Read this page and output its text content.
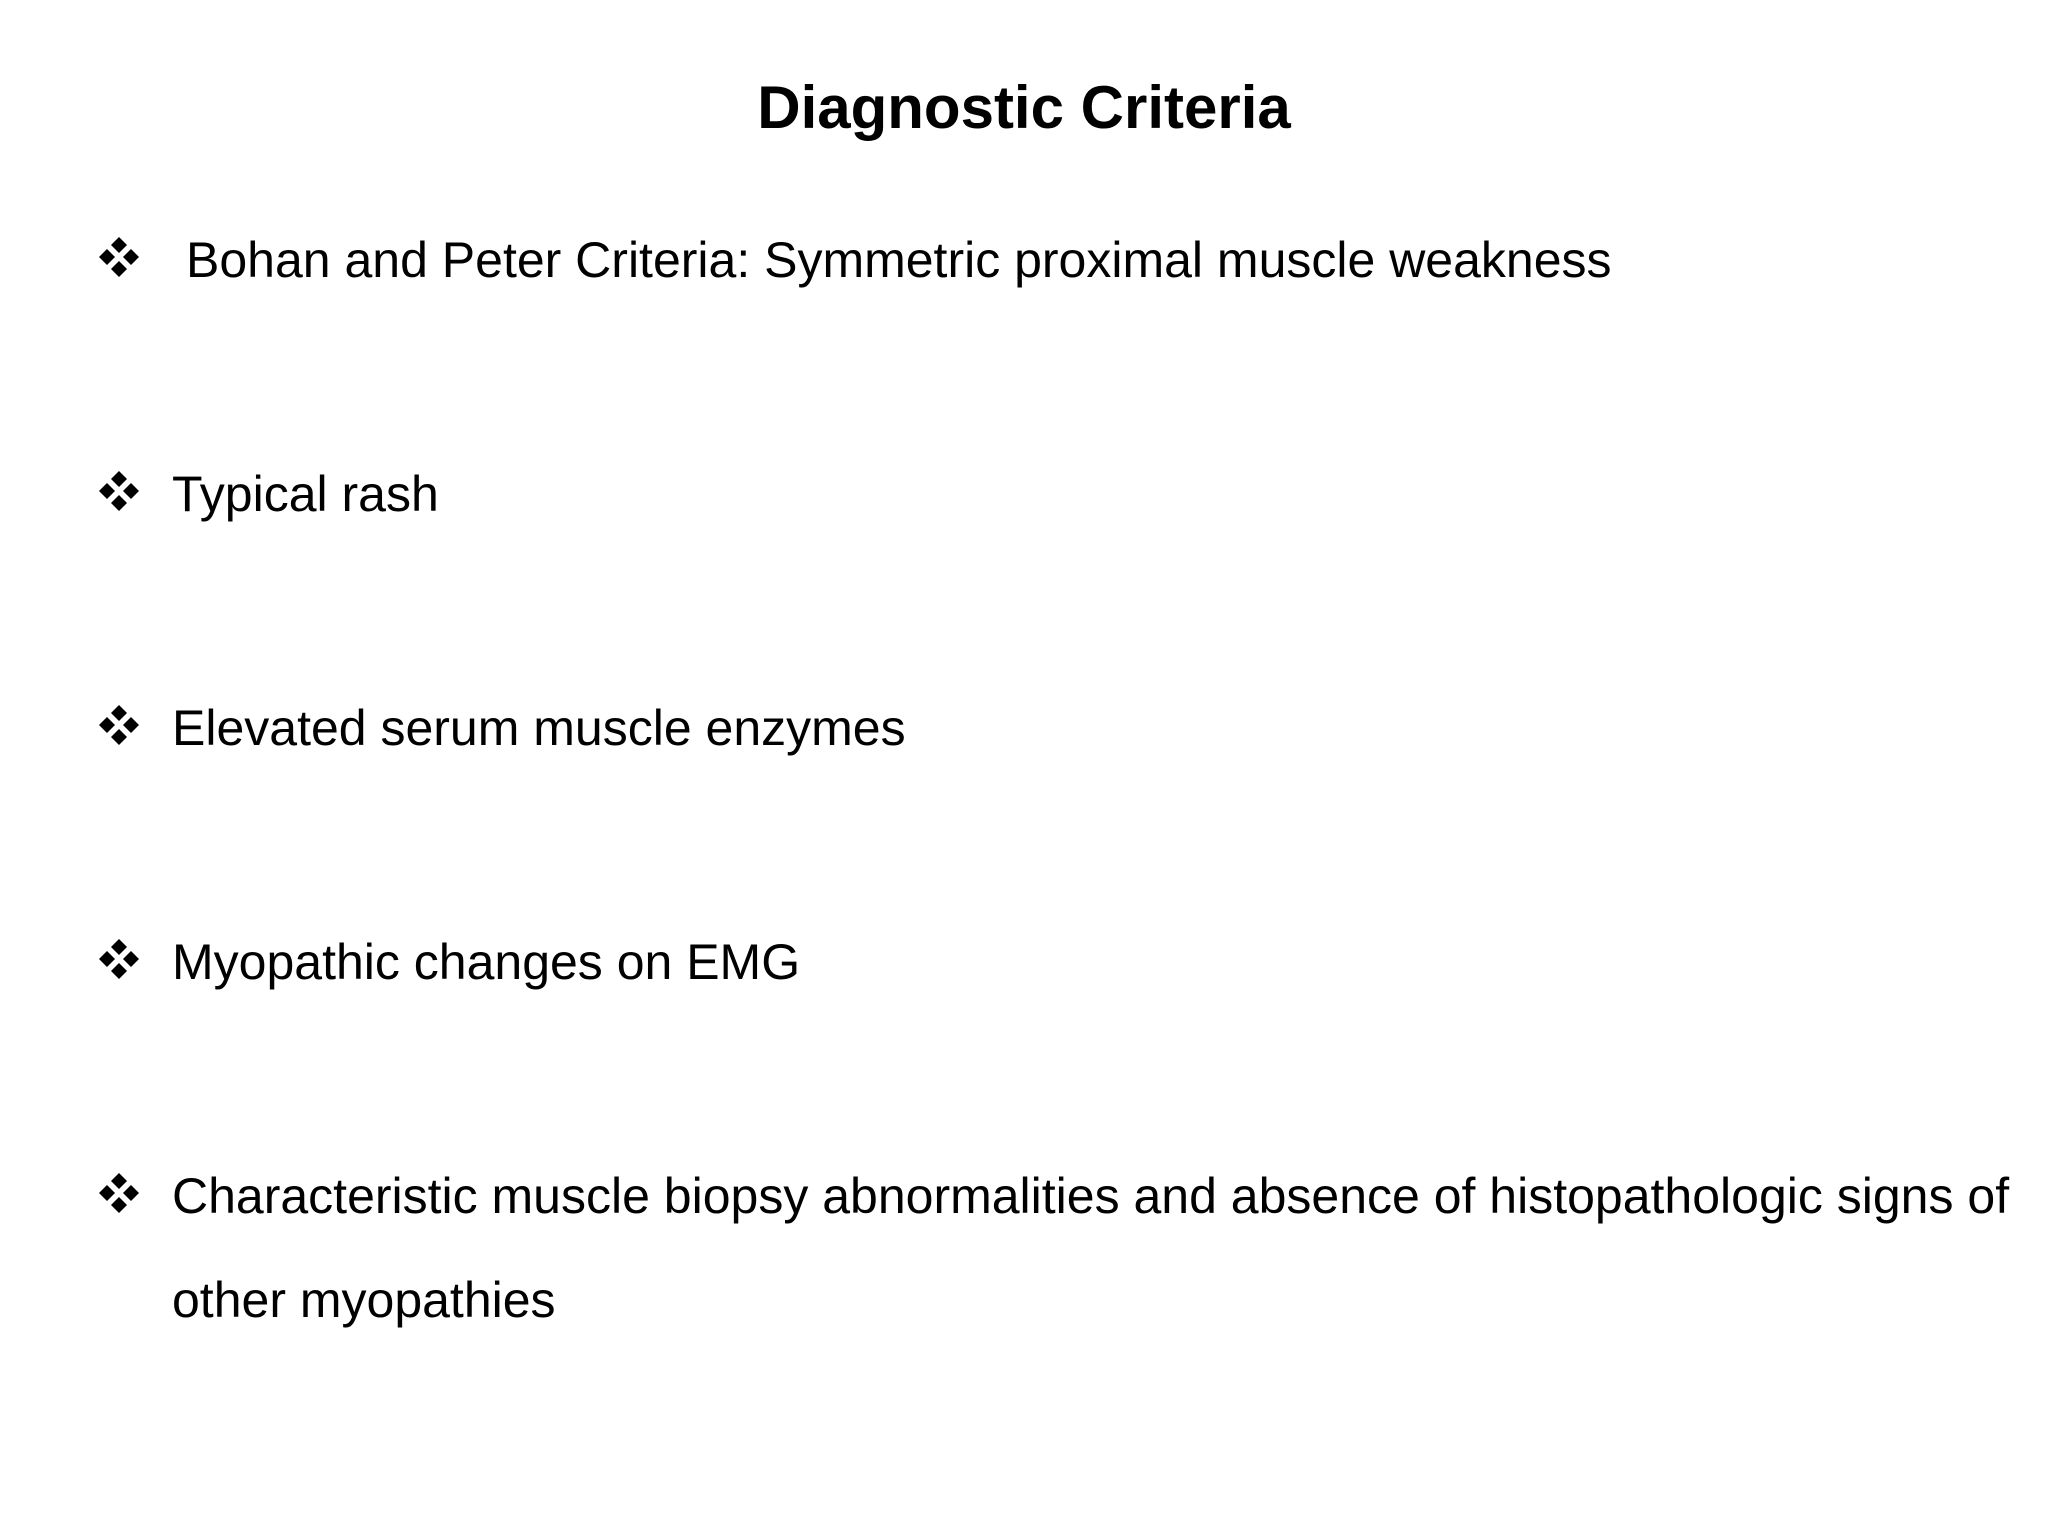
Diagnostic Criteria

Bohan and Peter Criteria: Symmetric proximal muscle weakness

Typical rash

Elevated serum muscle enzymes

Myopathic changes on EMG

Characteristic muscle biopsy abnormalities and absence of histopathologic signs of other myopathies
